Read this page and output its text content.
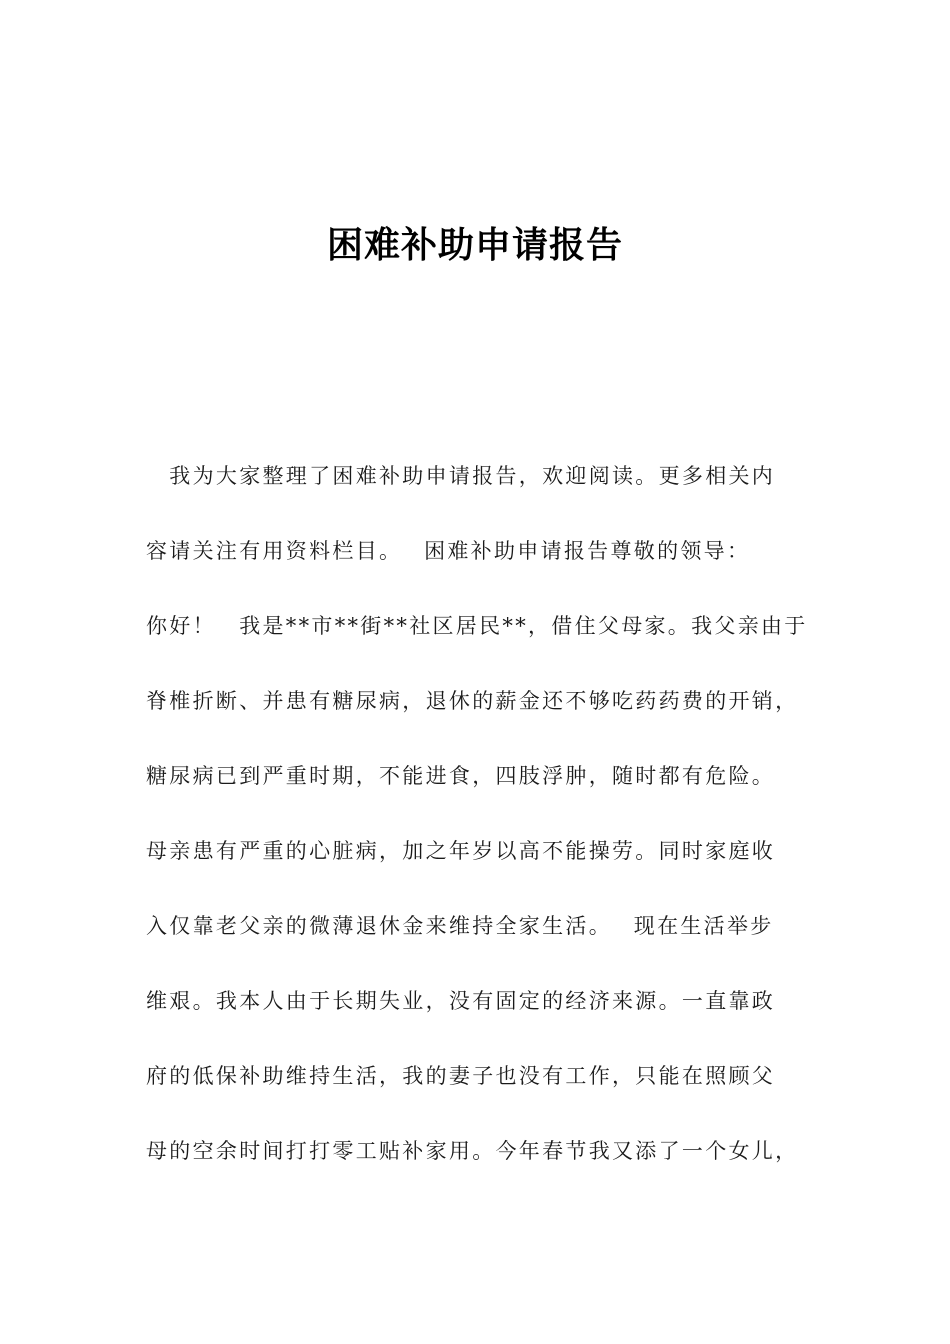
困难补助申请报告
　我为大家整理了困难补助申请报告，欢迎阅读。更多相关内
容请关注有用资料栏目。　 困难补助申请报告尊敬的领导：
你好！　我是**市**街**社区居民**，借住父母家。我父亲由于
脊椎折断、并患有糖尿病，退休的薪金还不够吃药药费的开销，
糖尿病已到严重时期，不能进食，四肢浮肿，随时都有危险。
母亲患有严重的心脏病，加之年岁以高不能操劳。同时家庭收
入仅靠老父亲的微薄退休金来维持全家生活。　 现在生活举步
维艰。我本人由于长期失业，没有固定的经济来源。一直靠政
府的低保补助维持生活，我的妻子也没有工作，只能在照顾父
母的空余时间打打零工贴补家用。今年春节我又添了一个女儿，
